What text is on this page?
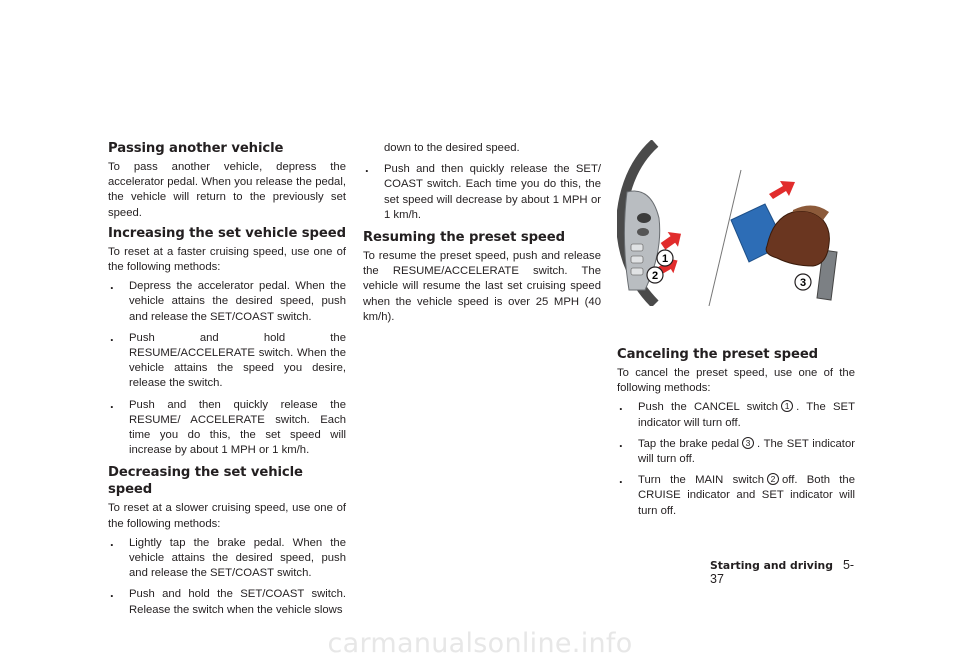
Passing another vehicle

To pass another vehicle, depress the accelerator pedal. When you release the pedal, the vehicle will return to the previously set speed.

Increasing the set vehicle speed

To reset at a faster cruising speed, use one of the following methods:

. Depress the accelerator pedal. When the vehicle attains the desired speed, push and release the SET/COAST switch.
. Push and hold the RESUME/ACCELERATE switch. When the vehicle attains the speed you desire, release the switch.
. Push and then quickly release the RESUME/ ACCELERATE switch. Each time you do this, the set speed will increase by about 1 MPH or 1 km/h.
Decreasing the set vehicle speed

To reset at a slower cruising speed, use one of the following methods:

. Lightly tap the brake pedal. When the vehicle attains the desired speed, push and release the SET/COAST switch.
. Push and hold the SET/COAST switch. Release the switch when the vehicle slows
down to the desired speed.
. Push and then quickly release the SET/ COAST switch. Each time you do this, the set speed will decrease by about 1 MPH or 1 km/h.
Resuming the preset speed

To resume the preset speed, push and release the RESUME/ACCELERATE switch. The vehicle will resume the last set cruising speed when the vehicle speed is over 25 MPH (40 km/h).

1
2
3
Canceling the preset speed

To cancel the preset speed, use one of the following methods:

. Push the CANCEL switch 1 . The SET indicator will turn off.
. Tap the brake pedal 3 . The SET indicator will turn off.
. Turn the MAIN switch 2 off. Both the CRUISE indicator and SET indicator will turn off.
Starting and driving 5-37
carmanualsonline.info
